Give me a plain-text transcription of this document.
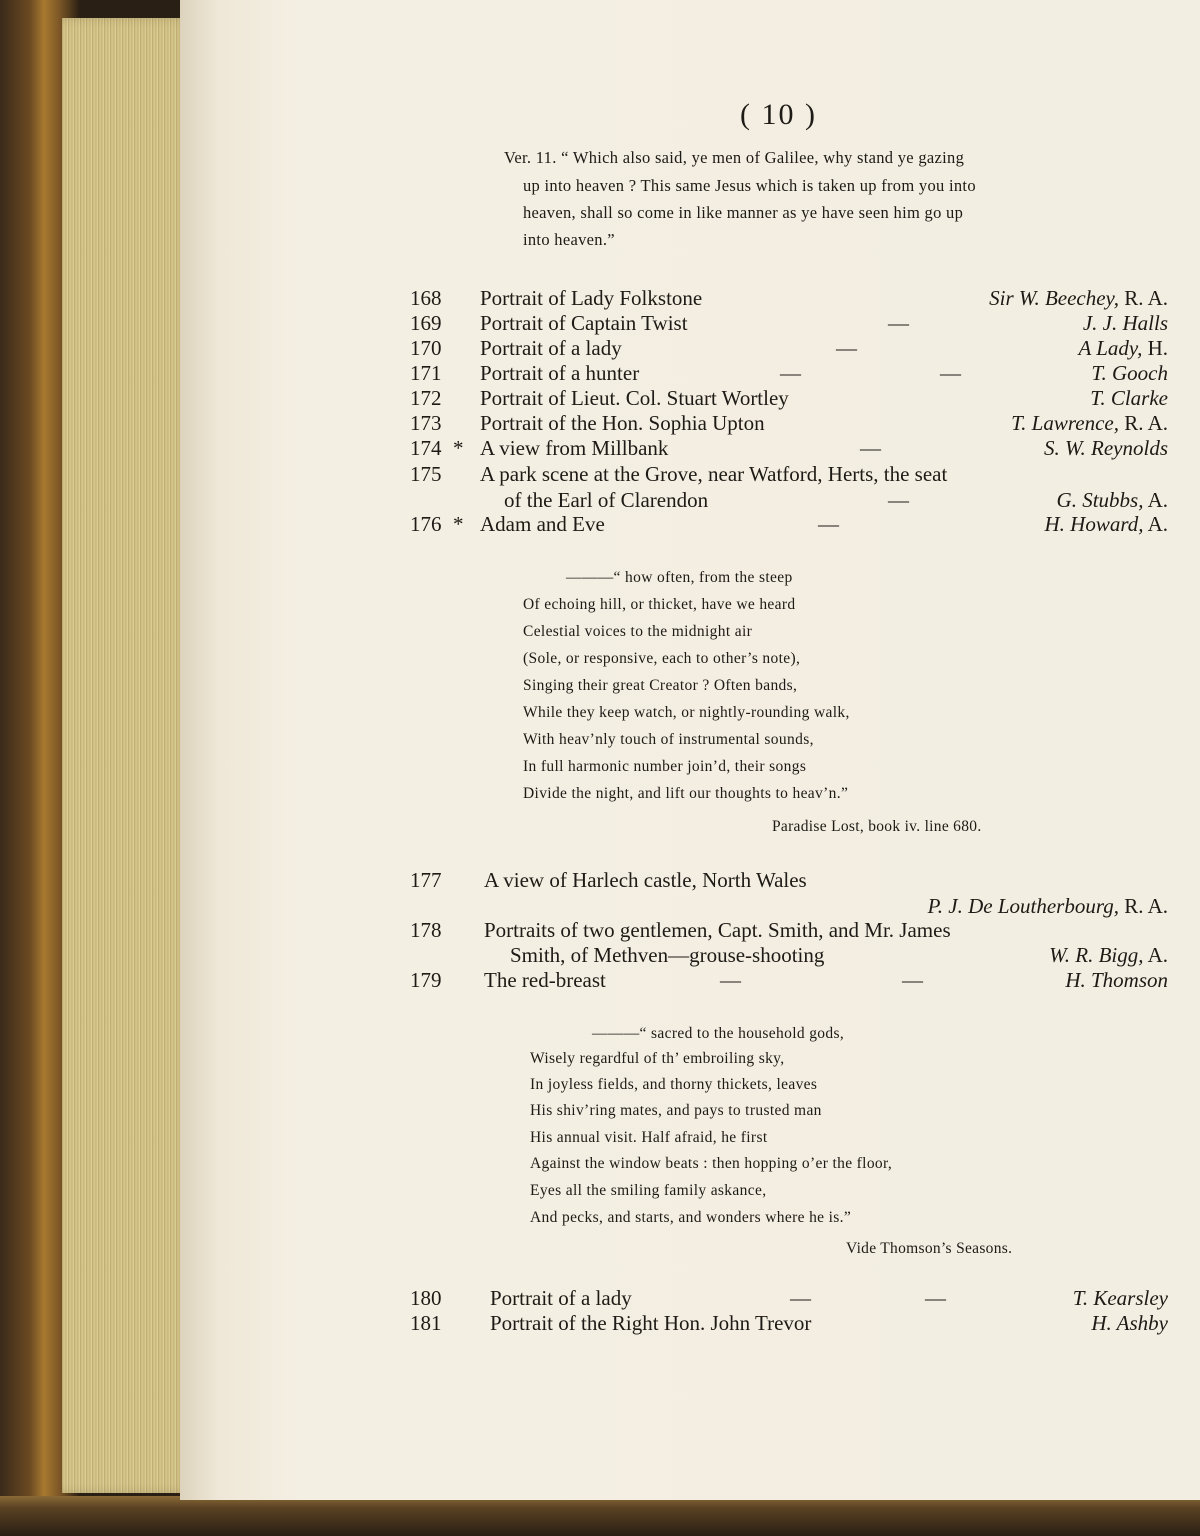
( 10 )
Ver. 11. “ Which also said, ye men of Galilee, why stand ye gazing
up into heaven ? This same Jesus which is taken up from you into
heaven, shall so come in like manner as ye have seen him go up
into heaven.”
168 Portrait of Lady Folkstone	Sir W. Beechey, R. A.
169 Portrait of Captain Twist	—	J. J. Halls
170 Portrait of a lady	—	A Lady, H.
171 Portrait of a hunter	—	—	T. Gooch
172 Portrait of Lieut. Col. Stuart Wortley	T. Clarke
173 Portrait of the Hon. Sophia Upton	T. Lawrence, R. A.
174 * A view from Millbank	—	S. W. Reynolds
175 A park scene at the Grove, near Watford, Herts, the seat
of the Earl of Clarendon	—	G. Stubbs, A.
176 * Adam and Eve	—	H. Howard, A.
———“ how often, from the steep
Of echoing hill, or thicket, have we heard
Celestial voices to the midnight air
(Sole, or responsive, each to other’s note),
Singing their great Creator ? Often bands,
While they keep watch, or nightly-rounding walk,
With heav’nly touch of instrumental sounds,
In full harmonic number join’d, their songs
Divide the night, and lift our thoughts to heav’n.”
Paradise Lost, book iv. line 680.
177 A view of Harlech castle, North Wales
P. J. De Loutherbourg, R. A.
178 Portraits of two gentlemen, Capt. Smith, and Mr. James
Smith, of Methven—grouse-shooting	W. R. Bigg, A.
179 The red-breast	—	—	H. Thomson
———“ sacred to the household gods,
Wisely regardful of th’ embroiling sky,
In joyless fields, and thorny thickets, leaves
His shiv’ring mates, and pays to trusted man
His annual visit. Half afraid, he first
Against the window beats : then hopping o’er the floor,
Eyes all the smiling family askance,
And pecks, and starts, and wonders where he is.”
Vide Thomson’s Seasons.
180 Portrait of a lady	—	—	T. Kearsley
181 Portrait of the Right Hon. John Trevor	H. Ashby
